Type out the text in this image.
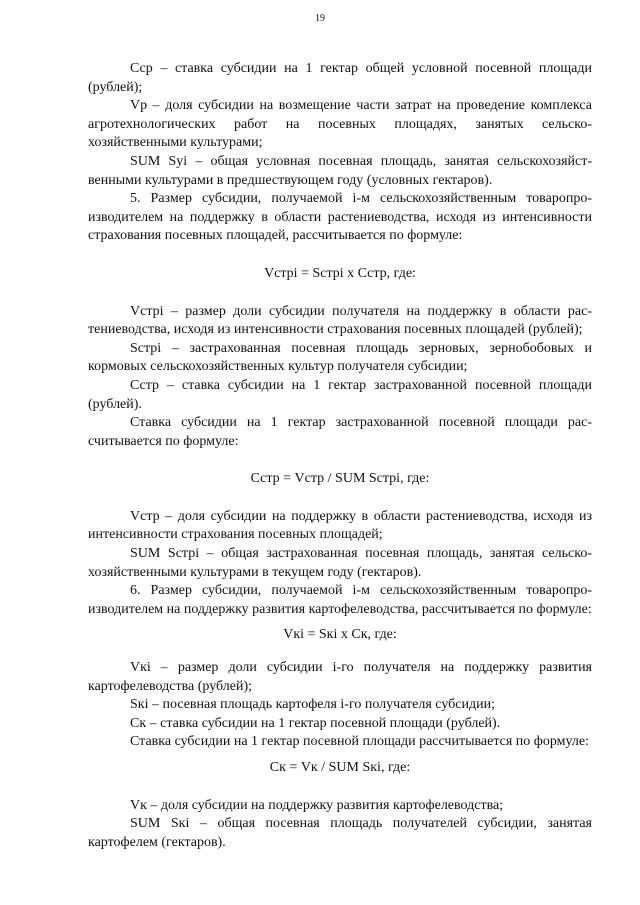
19

Сср – ставка субсидии на 1 гектар общей условной посевной площади (рублей);

Vр – доля субсидии на возмещение части затрат на проведение комплекса агротехнологических работ на посевных площадях, занятых сельскохозяйственными культурами;

SUM Sуi – общая условная посевная площадь, занятая сельскохозяйственными культурами в предшествующем году (условных гектаров).

5. Размер субсидии, получаемой i-м сельскохозяйственным товаропроизводителем на поддержку в области растениеводства, исходя из интенсивности страхования посевных площадей, рассчитывается по формуле:

Vстрi = Sстрi х Сстр, где:

Vстрi – размер доли субсидии получателя на поддержку в области растениеводства, исходя из интенсивности страхования посевных площадей (рублей);

Sстрi – застрахованная посевная площадь зерновых, зернобобовых и кормовых сельскохозяйственных культур получателя субсидии;

Сстр – ставка субсидии на 1 гектар застрахованной посевной площади (рублей).

Ставка субсидии на 1 гектар застрахованной посевной площади рассчитывается по формуле:

Сстр = Vстр / SUM Sстрi, где:

Vстр – доля субсидии на поддержку в области растениеводства, исходя из интенсивности страхования посевных площадей;

SUM Sстрi – общая застрахованная посевная площадь, занятая сельскохозяйственными культурами в текущем году (гектаров).

6. Размер субсидии, получаемой i-м сельскохозяйственным товаропроизводителем на поддержку развития картофелеводства, рассчитывается по формуле:

Vкi = Sкi х Ск, где:

Vкi – размер доли субсидии i-го получателя на поддержку развития картофелеводства (рублей);

Sкi – посевная площадь картофеля i-го получателя субсидии;

Ск – ставка субсидии на 1 гектар посевной площади (рублей).

Ставка субсидии на 1 гектар посевной площади рассчитывается по формуле:

Ск = Vк / SUM Sкi, где:

Vк – доля субсидии на поддержку развития картофелеводства;

SUM Sкi – общая посевная площадь получателей субсидии, занятая картофелем (гектаров).
